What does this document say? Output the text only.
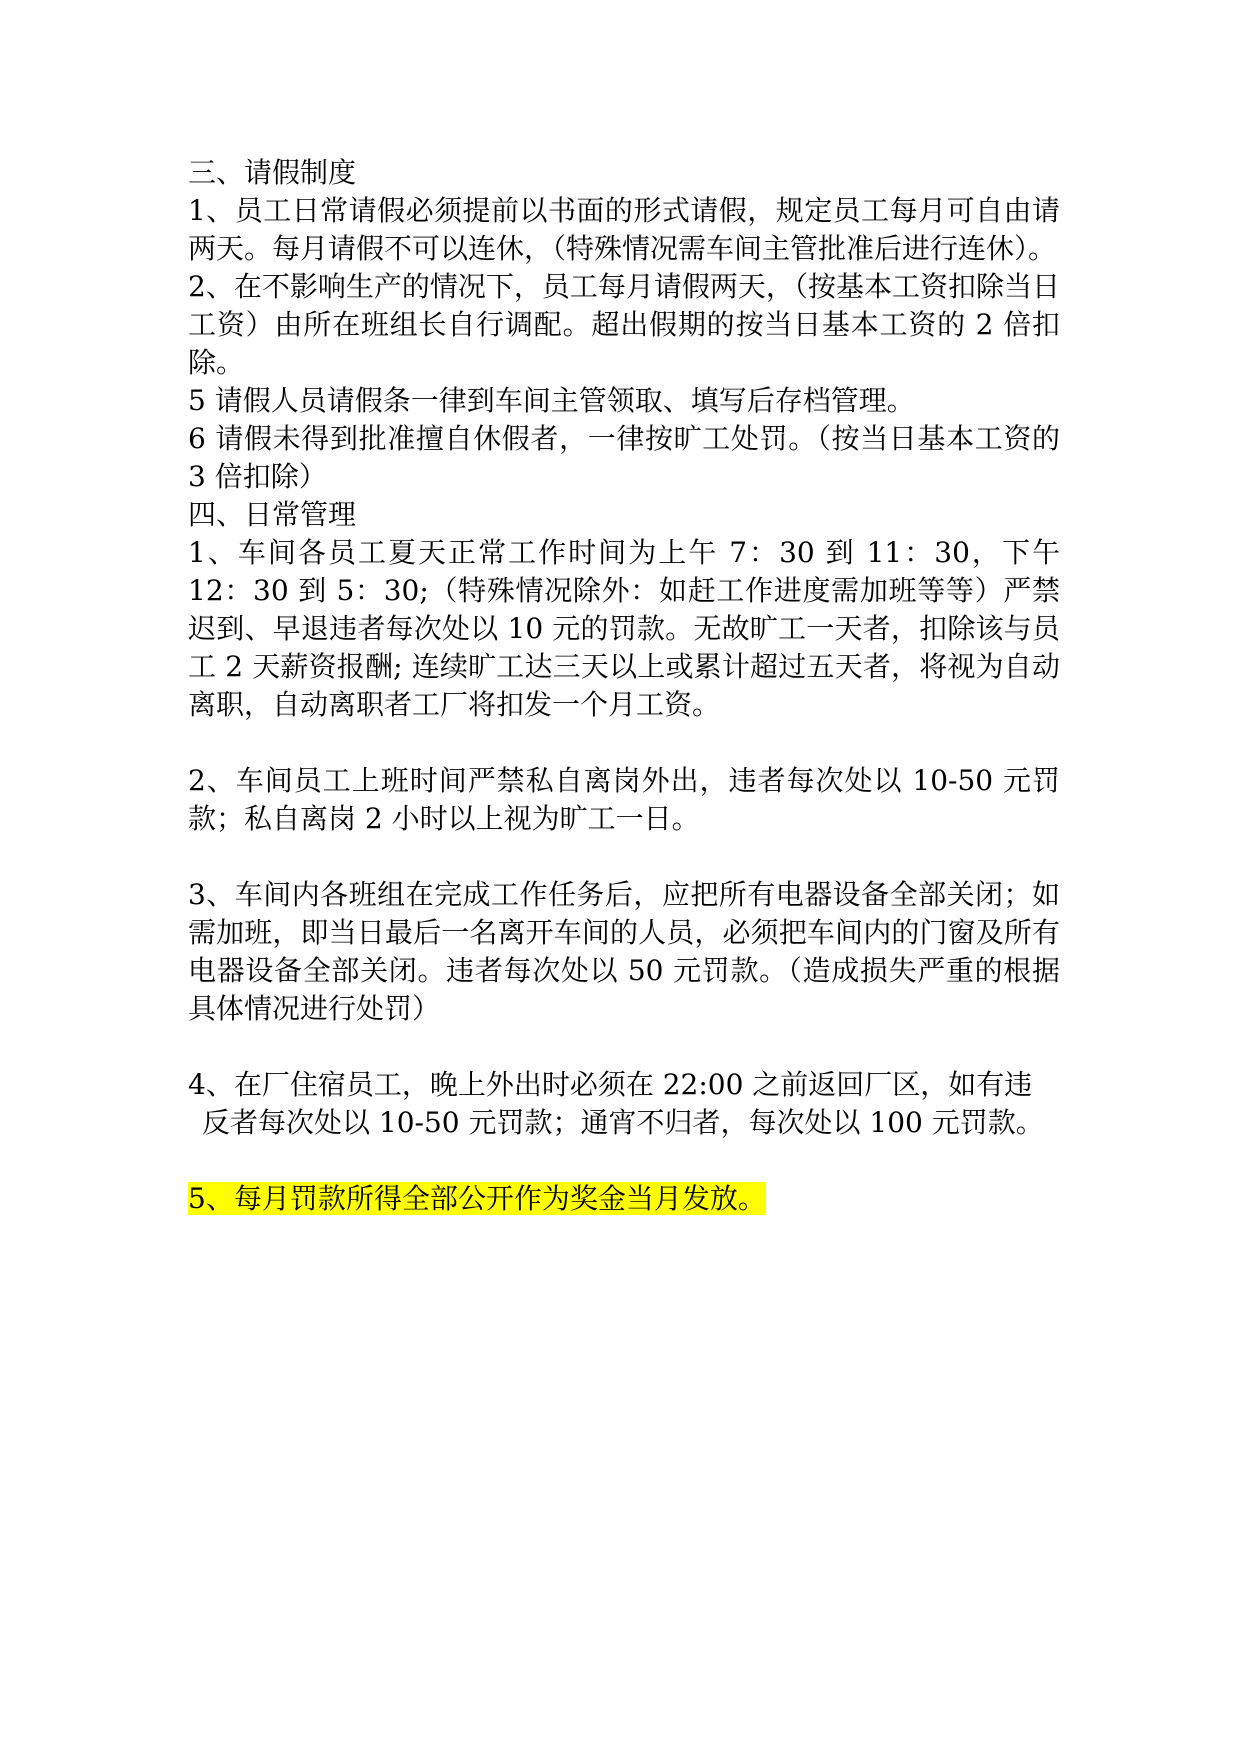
三、请假制度

1、员工日常请假必须提前以书面的形式请假，规定员工每月可自由请两天。每月请假不可以连休，（特殊情况需车间主管批准后进行连休）。

2、在不影响生产的情况下，员工每月请假两天，（按基本工资扣除当日工资）由所在班组长自行调配。超出假期的按当日基本工资的 2 倍扣除。

5 请假人员请假条一律到车间主管领取、填写后存档管理。

6 请假未得到批准擅自休假者，一律按旷工处罚。（按当日基本工资的 3 倍扣除）

四、日常管理

1、车间各员工夏天正常工作时间为上午 7：30 到 11：30，下午 12：30 到 5：30;（特殊情况除外：如赶工作进度需加班等等）严禁迟到、早退违者每次处以 10 元的罚款。无故旷工一天者，扣除该与员工 2 天薪资报酬; 连续旷工达三天以上或累计超过五天者，将视为自动离职，自动离职者工厂将扣发一个月工资。

2、车间员工上班时间严禁私自离岗外出，违者每次处以 10-50 元罚款；私自离岗 2 小时以上视为旷工一日。

3、车间内各班组在完成工作任务后，应把所有电器设备全部关闭；如需加班，即当日最后一名离开车间的人员，必须把车间内的门窗及所有电器设备全部关闭。违者每次处以 50 元罚款。（造成损失严重的根据具体情况进行处罚）

4、在厂住宿员工，晚上外出时必须在 22:00 之前返回厂区，如有违

反者每次处以 10-50 元罚款；通宵不归者，每次处以 100 元罚款。

5、每月罚款所得全部公开作为奖金当月发放。
